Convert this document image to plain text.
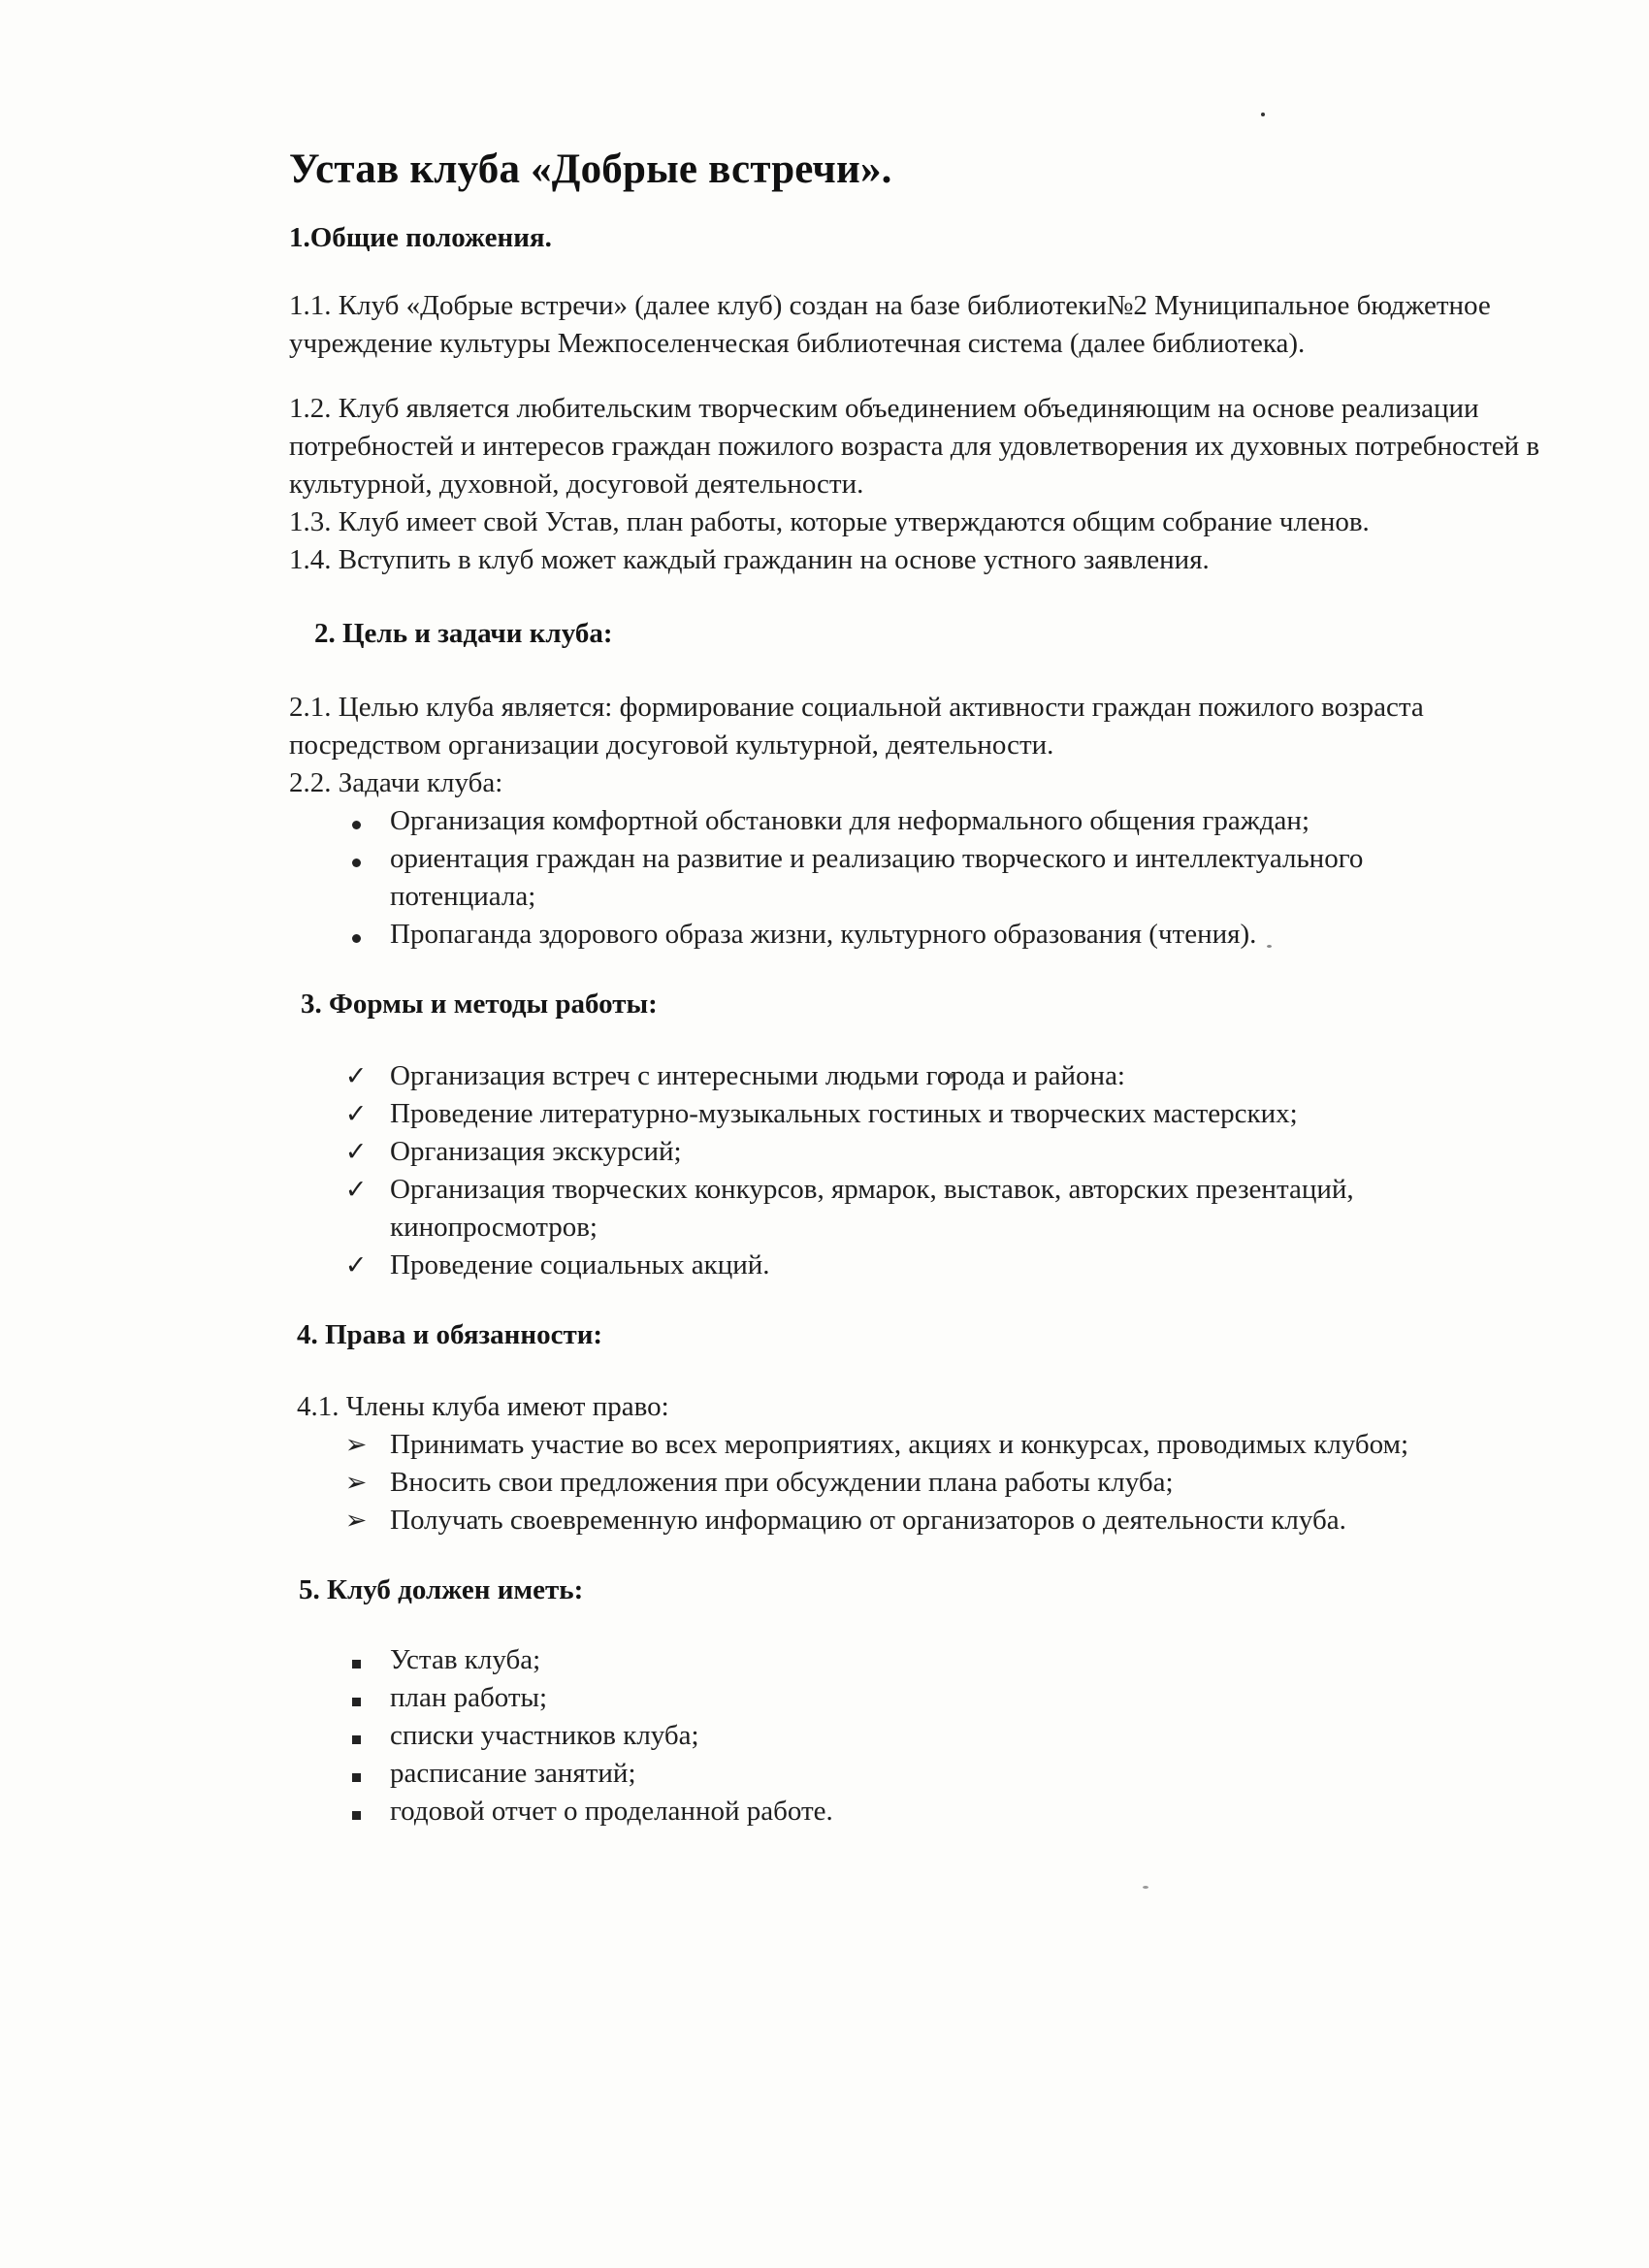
Устав клуба «Добрые встречи».
1.Общие положения.

1.1. Клуб «Добрые встречи» (далее клуб) создан на базе библиотеки№2 Муниципальное бюджетное учреждение культуры Межпоселенческая библиотечная система (далее библиотека).

1.2. Клуб является любительским творческим объединением объединяющим на основе реализации потребностей и интересов граждан пожилого возраста для удовлетворения их духовных потребностей в культурной, духовной, досуговой деятельности.

1.3. Клуб имеет свой Устав, план работы, которые утверждаются общим собрание членов.

1.4. Вступить в клуб может каждый гражданин на основе устного заявления.

2. Цель и задачи клуба:

2.1. Целью клуба является: формирование социальной активности граждан пожилого возраста посредством организации досуговой культурной, деятельности.

2.2. Задачи клуба:

Организация комфортной обстановки для неформального общения граждан;
ориентация граждан на развитие и реализацию творческого и интеллектуального потенциала;
Пропаганда здорового образа жизни, культурного образования (чтения).
3. Формы и методы работы:
✓ Организация встреч с интересными людьми города и района:
✓ Проведение литературно-музыкальных гостиных и творческих мастерских;
✓ Организация экскурсий;
✓ Организация творческих конкурсов, ярмарок, выставок, авторских презентаций, кинопросмотров;
✓ Проведение социальных акций.
4. Права и обязанности:

4.1. Члены клуба имеют право:

➢ Принимать участие во всех мероприятиях, акциях и конкурсах, проводимых клубом;
➢ Вносить свои предложения при обсуждении плана работы клуба;
➢ Получать своевременную информацию от организаторов о деятельности клуба.
5. Клуб должен иметь:
Устав клуба;
план работы;
списки участников клуба;
расписание занятий;
годовой отчет о проделанной работе.
